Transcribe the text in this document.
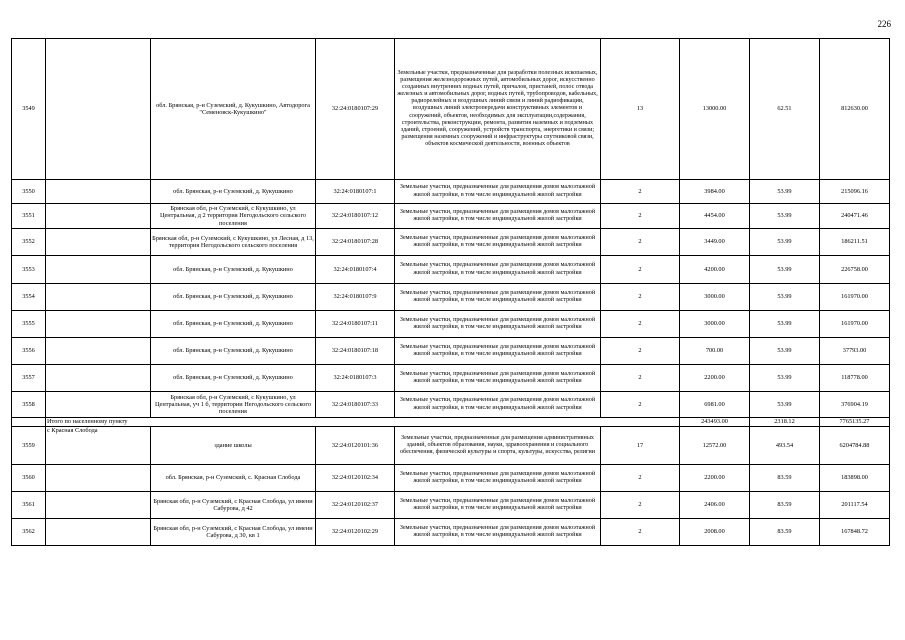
226
3549		обл. Брянская, р-н Суземский, д. Кукушкино, Автодорога "Семеновск-Кукушкино"	32:24:0180107:29	Земельные участки, предназначенные для разработки полезных ископаемых, размещения железнодорожных путей, автомобильных дорог, искусственно созданных внутренних водных путей, причалов, пристаней, полос отвода железных и автомобильных дорог, водных путей, трубопроводов, кабельных, радиорелейных и воздушных линий связи и линий радиофикации, воздушных линий электропередачи конструктивных элементов и сооружений, объектов, необходимых для эксплуатации,содержания, строительства, реконструкции, ремонта, развития наземных и подземных зданий, строений, сооружений, устройств транспорта, энергетики и связи; размещения наземных сооружений и инфраструктуры спутниковой связи, объектов космической деятельности, военных объектов	13	13000.00	62.51	812630.00
3550		обл. Брянская, р-н Суземский, д. Кукушкино	32:24:0180107:1	Земельные участки, предназначенные для размещения домов малоэтажной жилой застройки, в том числе индивидуальной жилой застройки	2	3984.00	53.99	215096.16
3551		Брянская обл, р-н Суземский, с Кукушкино, ул Центральная, д 2 территория Негодольского сельского поселения	32:24:0180107:12	Земельные участки, предназначенные для размещения домов малоэтажной жилой застройки, в том числе индивидуальной жилой застройки	2	4454.00	53.99	240471.46
3552		Брянская обл, р-н Суземский, с Кукушкино, ул Лесная, д 13, территория Негодольского сельского поселения	32:24:0180107:28	Земельные участки, предназначенные для размещения домов малоэтажной жилой застройки, в том числе индивидуальной жилой застройки	2	3449.00	53.99	186211.51
3553		обл. Брянская, р-н Суземский, д. Кукушкино	32:24:0180107:4	Земельные участки, предназначенные для размещения домов малоэтажной жилой застройки, в том числе индивидуальной жилой застройки	2	4200.00	53.99	226758.00
3554		обл. Брянская, р-н Суземский, д. Кукушкино	32:24:0180107:9	Земельные участки, предназначенные для размещения домов малоэтажной жилой застройки, в том числе индивидуальной жилой застройки	2	3000.00	53.99	161970.00
3555		обл. Брянская, р-н Суземский, д. Кукушкино	32:24:0180107:11	Земельные участки, предназначенные для размещения домов малоэтажной жилой застройки, в том числе индивидуальной жилой застройки	2	3000.00	53.99	161970.00
3556		обл. Брянская, р-н Суземский, д. Кукушкино	32:24:0180107:18	Земельные участки, предназначенные для размещения домов малоэтажной жилой застройки, в том числе индивидуальной жилой застройки	2	700.00	53.99	37793.00
3557		обл. Брянская, р-н Суземский, д. Кукушкино	32:24:0180107:3	Земельные участки, предназначенные для размещения домов малоэтажной жилой застройки, в том числе индивидуальной жилой застройки	2	2200.00	53.99	118778.00
3558		Брянская обл, р-н Суземский, с Кукушкино, ул Центральная, уч 1 б, территории Негодольского сельского поселения	32:24:0180107:33	Земельные участки, предназначенные для размещения домов малоэтажной жилой застройки, в том числе индивидуальной жилой застройки	2	6981.00	53.99	376904.19
	Итого по населенному пункту					243493.00	2318.12	7765135.27
3559	с Красная Слобода	здание школы	32:24:0120101:36	Земельные участки, предназначенные для размещения административных зданий, объектов образования, науки, здравоохранения и социального обеспечения, физической культуры и спорта, культуры, искусства, религии	17	12572.00	493.54	6204784.88
3560		обл. Брянская, р-н Суземский, с. Красная Слобода	32:24:0120102:34	Земельные участки, предназначенные для размещения домов малоэтажной жилой застройки, в том числе индивидуальной жилой застройки	2	2200.00	83.59	183898.00
3561		Брянская обл, р-н Суземский, с Красная Слобода, ул имени Сабурова, д 42	32:24:0120102:37	Земельные участки, предназначенные для размещения домов малоэтажной жилой застройки, в том числе индивидуальной жилой застройки	2	2406.00	83.59	201117.54
3562		Брянская обл, р-н Суземский, с Красная Слобода, ул имени Сабурова, д 30, кв 1	32:24:0120102:29	Земельные участки, предназначенные для размещения домов малоэтажной жилой застройки, в том числе индивидуальной жилой застройки	2	2008.00	83.59	167848.72
